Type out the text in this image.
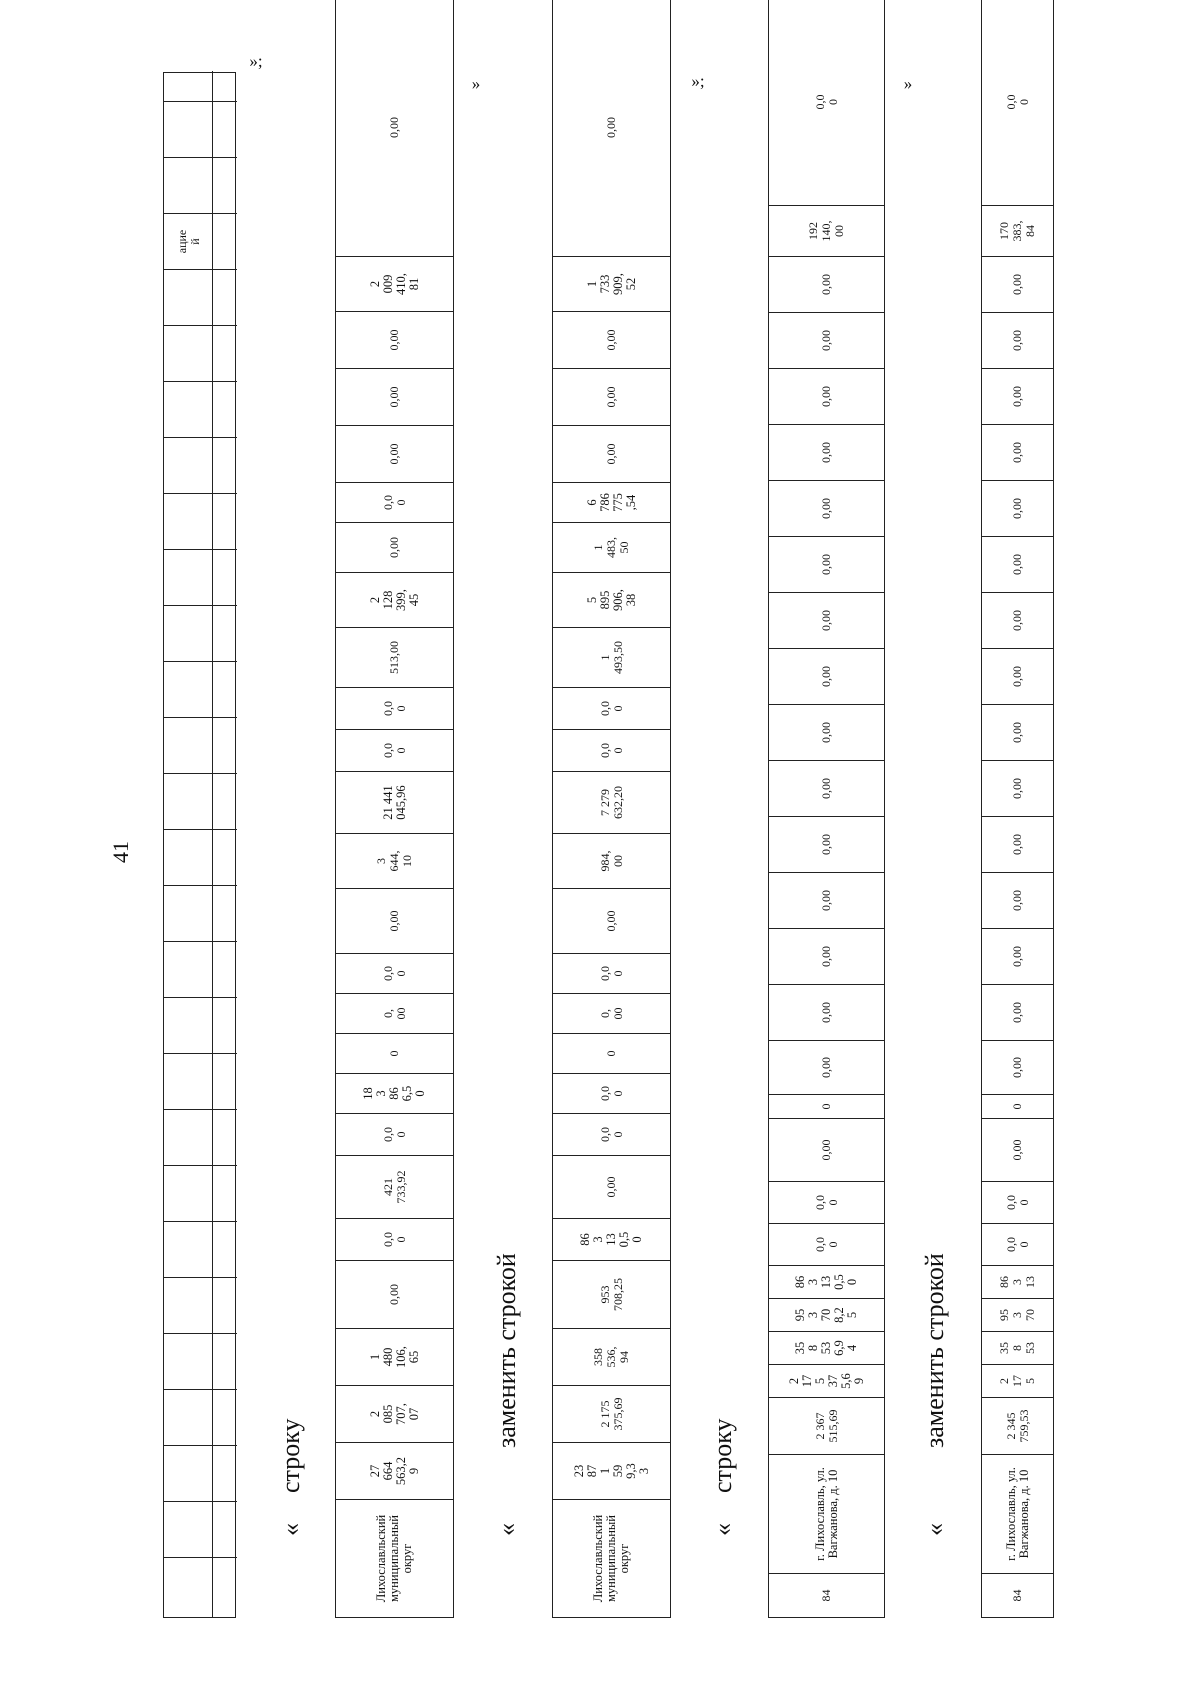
41
ацие й
»;
«
строку
Лихославльский муниципальный округ
27 664 563,2 9
2 085 707, 07
1 480 106, 65
0,00
0,0 0
421 733,92
0,0 0
18 3 86 6,5 0
0
0, 00
0,0 0
0,00
3 644, 10
21 441 045,96
0,0 0
0,0 0
513,00
2 128 399, 45
0,00
0,0 0
0,00
0,00
0,00
2 009 410, 81
0,00
»
«
заменить строкой
Лихославльский муниципальный округ
23 87 1 59 9,3 3
2 175 375,69
358 536, 94
953 708,25
86 3 13 0,5 0
0,00
0,0 0
0,0 0
0
0, 00
0,0 0
0,00
984, 00
7 279 632,20
0,0 0
0,0 0
1 493,50
5 895 906, 38
1 483, 50
6 786 775 ,54
0,00
0,00
0,00
1 733 909, 52
0,00
»;
«
строку
84
г. Лихославль, ул. Вагжанова, д. 10
2 367 515,69
2 17 5 37 5,6 9
35 8 53 6,9 4
95 3 70 8,2 5
86 3 13 0,5 0
0,0 0
0,0 0
0,00
0
0,00
0,00
0,00
0,00
0,00
0,00
0,00
0,00
0,00
0,00
0,00
0,00
0,00
0,00
0,00
192 140, 00
0,0 0
»
«
заменить строкой
84
г. Лихославль, ул. Вагжанова, д. 10
2 345 759,53
2 17 5
35 8 53
95 3 70
86 3 13
0,0 0
0,0 0
0,00
0
0,00
0,00
0,00
0,00
0,00
0,00
0,00
0,00
0,00
0,00
0,00
0,00
0,00
0,00
0,00
170 383, 84
0,0 0
